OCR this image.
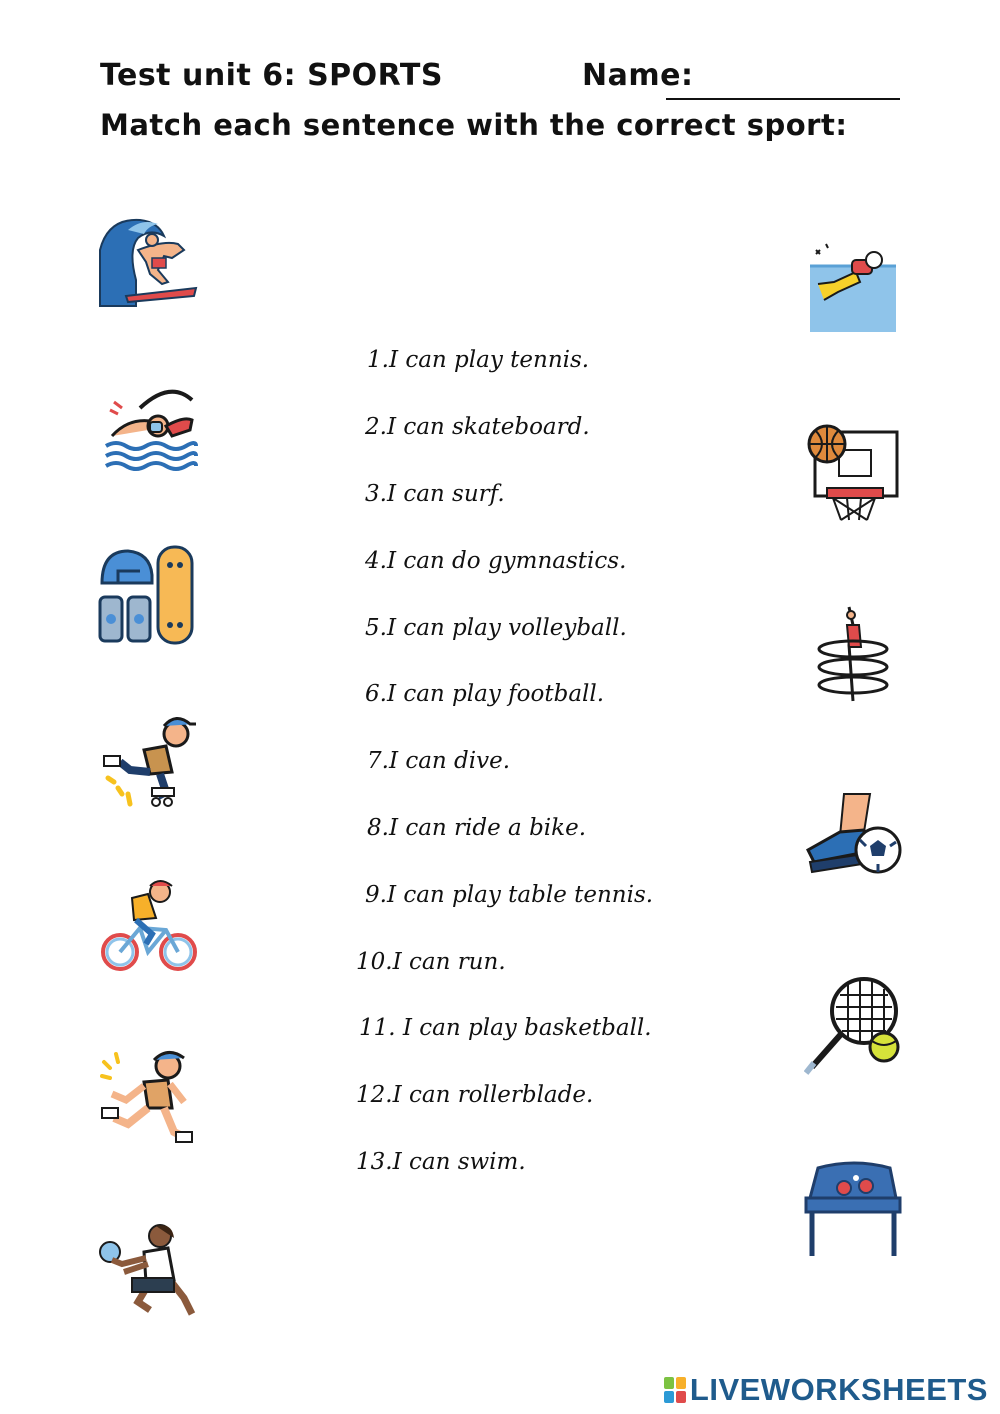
Test unit 6: SPORTS	Name:
Match each sentence with the correct sport:
1.I can play tennis.
2.I can skateboard.
3.I can surf.
4.I can do gymnastics.
5.I can play volleyball.
6.I can play football.
7.I can dive.
8.I can ride a bike.
9.I can play table tennis.
10.I can run.
11. I can play basketball.
12.I can rollerblade.
13.I can swim.
LIVEWORKSHEETS
